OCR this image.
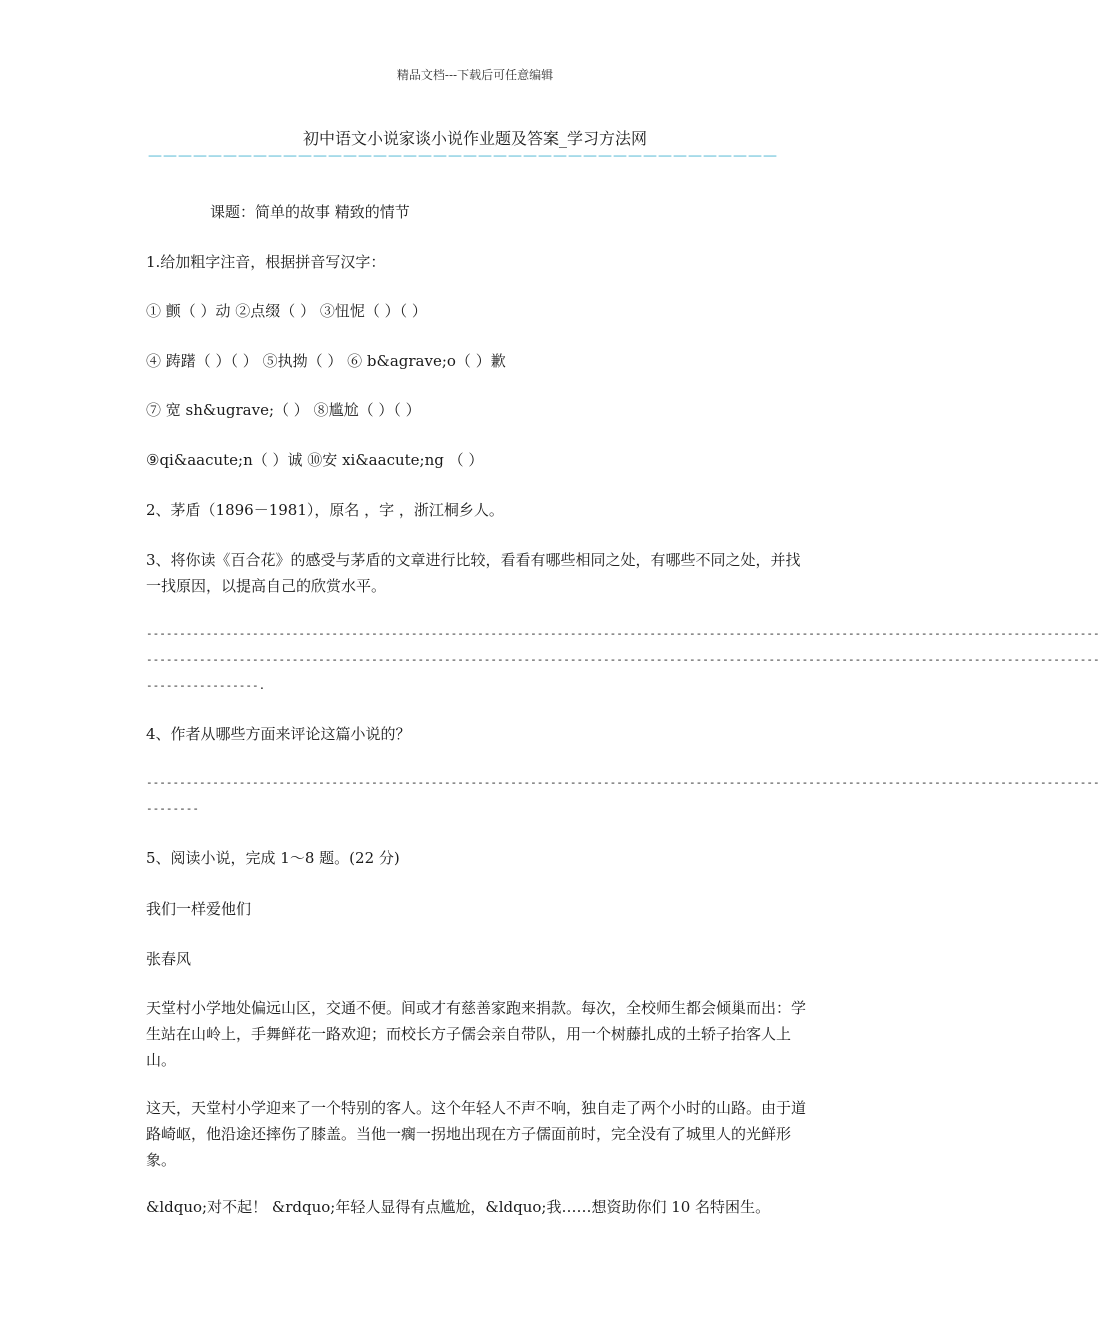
精品文档---下载后可任意编辑
初中语文小说家谈小说作业题及答案_学习方法网
——————————————————————————————————————————
课题：简单的故事 精致的情节
1.给加粗字注音，根据拼音写汉字：
① 颤（ ）动 ②点缀（ ） ③忸怩（ ）（ ）
④ 踌躇（ ）（ ） ⑤执拗（ ） ⑥ b&agrave;o（ ）歉
⑦ 宽 sh&ugrave;（ ） ⑧尴尬（ ）（ ）
⑨qi&aacute;n（ ）诚 ⑩安 xi&aacute;ng （ ）
2、茅盾（1896－1981），原名 ，字 ，浙江桐乡人。
3、将你读《百合花》的感受与茅盾的文章进行比较，看看有哪些相同之处，有哪些不同之处，并找一找原因，以提高自己的欣赏水平。
------------------------------------------------------------------------------------------------------------------------------------------------
------------------------------------------------------------------------------------------------------------------------------------------------
-----------------.
4、作者从哪些方面来评论这篇小说的？
------------------------------------------------------------------------------------------------------------------------------------------------
--------
5、阅读小说，完成 1～8 题。(22 分)
我们一样爱他们
张春风
天堂村小学地处偏远山区，交通不便。间或才有慈善家跑来捐款。每次，全校师生都会倾巢而出：学生站在山岭上，手舞鲜花一路欢迎；而校长方子儒会亲自带队，用一个树藤扎成的土轿子抬客人上山。
这天，天堂村小学迎来了一个特别的客人。这个年轻人不声不响，独自走了两个小时的山路。由于道路崎岖，他沿途还摔伤了膝盖。当他一瘸一拐地出现在方子儒面前时，完全没有了城里人的光鲜形象。
&ldquo;对不起！ &rdquo;年轻人显得有点尴尬，&ldquo;我……想资助你们 10 名特困生。
